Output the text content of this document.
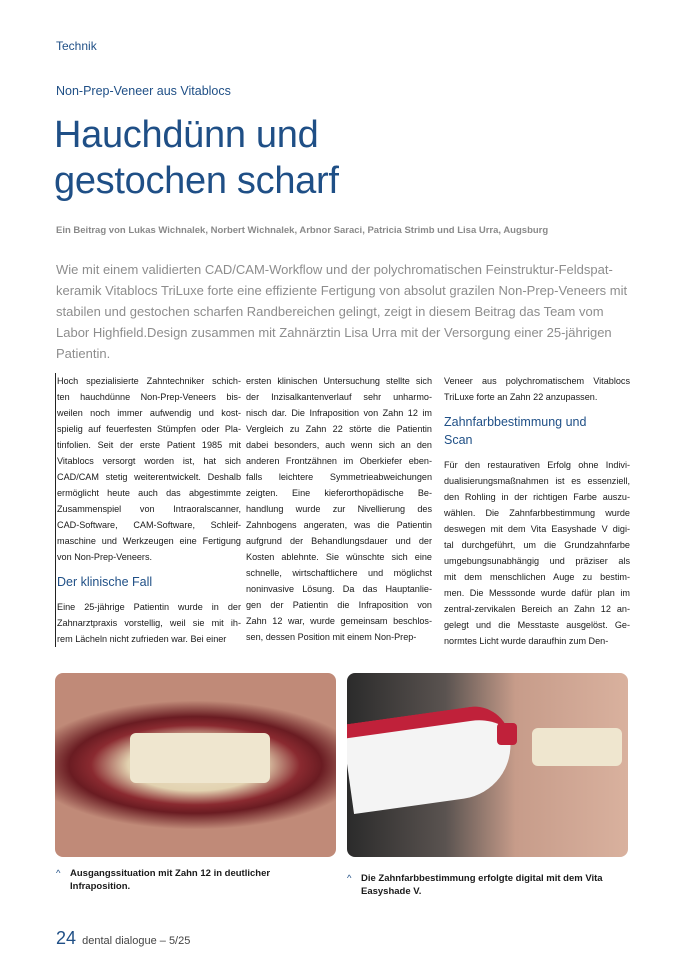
Technik
Non-Prep-Veneer aus Vitablocs
Hauchdünn und
gestochen scharf
Ein Beitrag von Lukas Wichnalek, Norbert Wichnalek, Arbnor Saraci, Patricia Strimb und Lisa Urra, Augsburg
Wie mit einem validierten CAD/CAM-Workflow und der polychromatischen Feinstruktur-Feldspat-keramik Vitablocs TriLuxe forte eine effiziente Fertigung von absolut grazilen Non-Prep-Veneers mit stabilen und gestochen scharfen Randbereichen gelingt, zeigt in diesem Beitrag das Team vom Labor Highfield.Design zusammen mit Zahnärztin Lisa Urra mit der Versorgung einer 25-jährigen Patientin.
Hoch spezialisierte Zahntechniker schich-
ten hauchdünne Non-Prep-Veneers bis-
weilen noch immer aufwendig und kost-
spielig auf feuerfesten Stümpfen oder Pla-
tinfolien. Seit der erste Patient 1985 mit
Vitablocs versorgt worden ist, hat sich
CAD/CAM stetig weiterentwickelt. Deshalb
ermöglicht heute auch das abgestimmte
Zusammenspiel von Intraoralscanner,
CAD-Software, CAM-Software, Schleif-
maschine und Werkzeugen eine Fertigung
von Non-Prep-Veneers.
Der klinische Fall
Eine 25-jährige Patientin wurde in der
Zahnarztpraxis vorstellig, weil sie mit ih-
rem Lächeln nicht zufrieden war. Bei einer
ersten klinischen Untersuchung stellte sich
der Inzisalkantenverlauf sehr unharmo-
nisch dar. Die Infraposition von Zahn 12 im
Vergleich zu Zahn 22 störte die Patientin
dabei besonders, auch wenn sich an den
anderen Frontzähnen im Oberkiefer eben-
falls leichtere Symmetrieabweichungen
zeigten. Eine kieferorthopädische Be-
handlung wurde zur Nivellierung des
Zahnbogens angeraten, was die Patientin
aufgrund der Behandlungsdauer und der
Kosten ablehnte. Sie wünschte sich eine
schnelle, wirtschaftlichere und möglichst
noninvasive Lösung. Da das Hauptanlie-
gen der Patientin die Infraposition von
Zahn 12 war, wurde gemeinsam beschlos-
sen, dessen Position mit einem Non-Prep-
Veneer aus polychromatischem Vitablocs
TriLuxe forte an Zahn 22 anzupassen.
Zahnfarbbestimmung und
Scan
Für den restaurativen Erfolg ohne Indivi-
dualisierungsmaßnahmen ist es essenziell,
den Rohling in der richtigen Farbe auszu-
wählen. Die Zahnfarbbestimmung wurde
deswegen mit dem Vita Easyshade V digi-
tal durchgeführt, um die Grundzahnfarbe
umgebungsunabhängig und präziser als
mit dem menschlichen Auge zu bestim-
men. Die Messsonde wurde dafür plan im
zentral-zervikalen Bereich an Zahn 12 an-
gelegt und die Messtaste ausgelöst. Ge-
normtes Licht wurde daraufhin zum Den-
^ Ausgangssituation mit Zahn 12 in deutlicher Infraposition.
^ Die Zahnfarbbestimmung erfolgte digital mit dem Vita Easyshade V.
24 dental dialogue – 5/25
